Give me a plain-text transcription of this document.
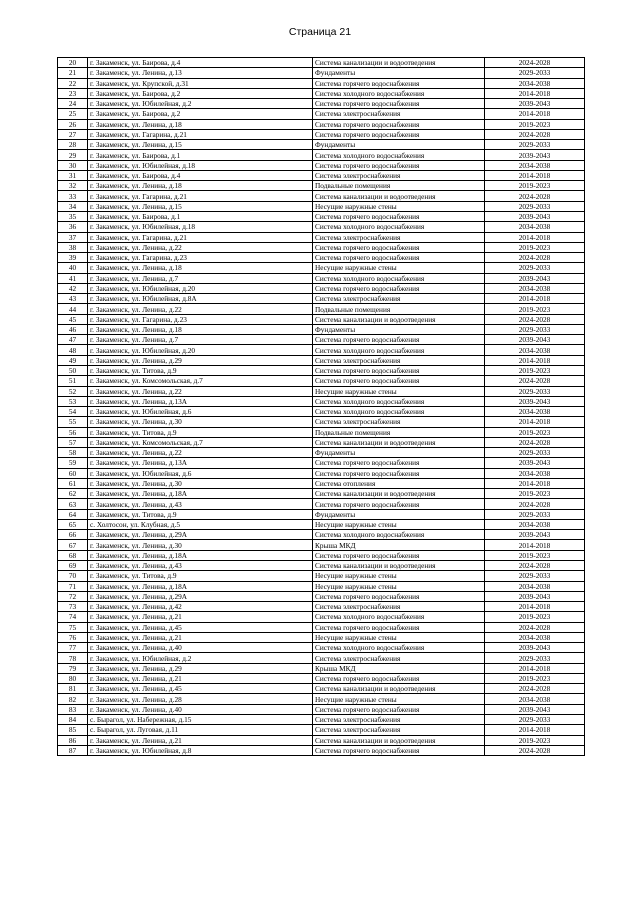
Страница 21
20	г. Закаменск, ул. Баирова, д.4	Система канализации и водоотведения	2024-2028
21	г. Закаменск, ул. Ленина, д.13	Фундаменты	2029-2033
22	г. Закаменск, ул. Крупской, д.31	Система горячего водоснабжения	2034-2038
23	г. Закаменск, ул. Баирова, д.2	Система холодного водоснабжения	2014-2018
24	г. Закаменск, ул. Юбилейная, д.2	Система горячего водоснабжения	2039-2043
25	г. Закаменск, ул. Баирова, д.2	Система электроснабжения	2014-2018
26	г. Закаменск, ул. Ленина, д.18	Система горячего водоснабжения	2019-2023
27	г. Закаменск, ул. Гагарина, д.21	Система горячего водоснабжения	2024-2028
28	г. Закаменск, ул. Ленина, д.15	Фундаменты	2029-2033
29	г. Закаменск, ул. Баирова, д.1	Система холодного водоснабжения	2039-2043
30	г. Закаменск, ул. Юбилейная, д.18	Система горячего водоснабжения	2034-2038
31	г. Закаменск, ул. Баирова, д.4	Система электроснабжения	2014-2018
32	г. Закаменск, ул. Ленина, д.18	Подвальные помещения	2019-2023
33	г. Закаменск, ул. Гагарина, д.21	Система канализации и водоотведения	2024-2028
34	г. Закаменск, ул. Ленина, д.15	Несущие наружные стены	2029-2033
35	г. Закаменск, ул. Баирова, д.1	Система горячего водоснабжения	2039-2043
36	г. Закаменск, ул. Юбилейная, д.18	Система холодного водоснабжения	2034-2038
37	г. Закаменск, ул. Гагарина, д.21	Система электроснабжения	2014-2018
38	г. Закаменск, ул. Ленина, д.22	Система горячего водоснабжения	2019-2023
39	г. Закаменск, ул. Гагарина, д.23	Система горячего водоснабжения	2024-2028
40	г. Закаменск, ул. Ленина, д.18	Несущие наружные стены	2029-2033
41	г. Закаменск, ул. Ленина, д.7	Система холодного водоснабжения	2039-2043
42	г. Закаменск, ул. Юбилейная, д.20	Система горячего водоснабжения	2034-2038
43	г. Закаменск, ул. Юбилейная, д.8А	Система электроснабжения	2014-2018
44	г. Закаменск, ул. Ленина, д.22	Подвальные помещения	2019-2023
45	г. Закаменск, ул. Гагарина, д.23	Система канализации и водоотведения	2024-2028
46	г. Закаменск, ул. Ленина, д.18	Фундаменты	2029-2033
47	г. Закаменск, ул. Ленина, д.7	Система горячего водоснабжения	2039-2043
48	г. Закаменск, ул. Юбилейная, д.20	Система холодного водоснабжения	2034-2038
49	г. Закаменск, ул. Ленина, д.29	Система электроснабжения	2014-2018
50	г. Закаменск, ул. Титова, д.9	Система горячего водоснабжения	2019-2023
51	г. Закаменск, ул. Комсомольская, д.7	Система горячего водоснабжения	2024-2028
52	г. Закаменск, ул. Ленина, д.22	Несущие наружные стены	2029-2033
53	г. Закаменск, ул. Ленина, д.13А	Система холодного водоснабжения	2039-2043
54	г. Закаменск, ул. Юбилейная, д.6	Система холодного водоснабжения	2034-2038
55	г. Закаменск, ул. Ленина, д.30	Система электроснабжения	2014-2018
56	г. Закаменск, ул. Титова, д.9	Подвальные помещения	2019-2023
57	г. Закаменск, ул. Комсомольская, д.7	Система канализации и водоотведения	2024-2028
58	г. Закаменск, ул. Ленина, д.22	Фундаменты	2029-2033
59	г. Закаменск, ул. Ленина, д.13А	Система горячего водоснабжения	2039-2043
60	г. Закаменск, ул. Юбилейная, д.6	Система горячего водоснабжения	2034-2038
61	г. Закаменск, ул. Ленина, д.30	Система отопления	2014-2018
62	г. Закаменск, ул. Ленина, д.18А	Система канализации и водоотведения	2019-2023
63	г. Закаменск, ул. Ленина, д.43	Система горячего водоснабжения	2024-2028
64	г. Закаменск, ул. Титова, д.9	Фундаменты	2029-2033
65	с. Холтосон, ул. Клубная, д.5	Несущие наружные стены	2034-2038
66	г. Закаменск, ул. Ленина, д.29А	Система холодного водоснабжения	2039-2043
67	г. Закаменск, ул. Ленина, д.30	Крыша МКД	2014-2018
68	г. Закаменск, ул. Ленина, д.18А	Система горячего водоснабжения	2019-2023
69	г. Закаменск, ул. Ленина, д.43	Система канализации и водоотведения	2024-2028
70	г. Закаменск, ул. Титова, д.9	Несущие наружные стены	2029-2033
71	г. Закаменск, ул. Ленина, д.18А	Несущие наружные стены	2034-2038
72	г. Закаменск, ул. Ленина, д.29А	Система горячего водоснабжения	2039-2043
73	г. Закаменск, ул. Ленина, д.42	Система электроснабжения	2014-2018
74	г. Закаменск, ул. Ленина, д.21	Система холодного водоснабжения	2019-2023
75	г. Закаменск, ул. Ленина, д.45	Система горячего водоснабжения	2024-2028
76	г. Закаменск, ул. Ленина, д.21	Несущие наружные стены	2034-2038
77	г. Закаменск, ул. Ленина, д.40	Система холодного водоснабжения	2039-2043
78	г. Закаменск, ул. Юбилейная, д.2	Система электроснабжения	2029-2033
79	г. Закаменск, ул. Ленина, д.29	Крыша МКД	2014-2018
80	г. Закаменск, ул. Ленина, д.21	Система горячего водоснабжения	2019-2023
81	г. Закаменск, ул. Ленина, д.45	Система канализации и водоотведения	2024-2028
82	г. Закаменск, ул. Ленина, д.28	Несущие наружные стены	2034-2038
83	г. Закаменск, ул. Ленина, д.40	Система горячего водоснабжения	2039-2043
84	с. Бырагол, ул. Набережная, д.15	Система электроснабжения	2029-2033
85	с. Бырагол, ул. Луговая, д.11	Система электроснабжения	2014-2018
86	г. Закаменск, ул. Ленина, д.21	Система канализации и водоотведения	2019-2023
87	г. Закаменск, ул. Юбилейная, д.8	Система горячего водоснабжения	2024-2028
